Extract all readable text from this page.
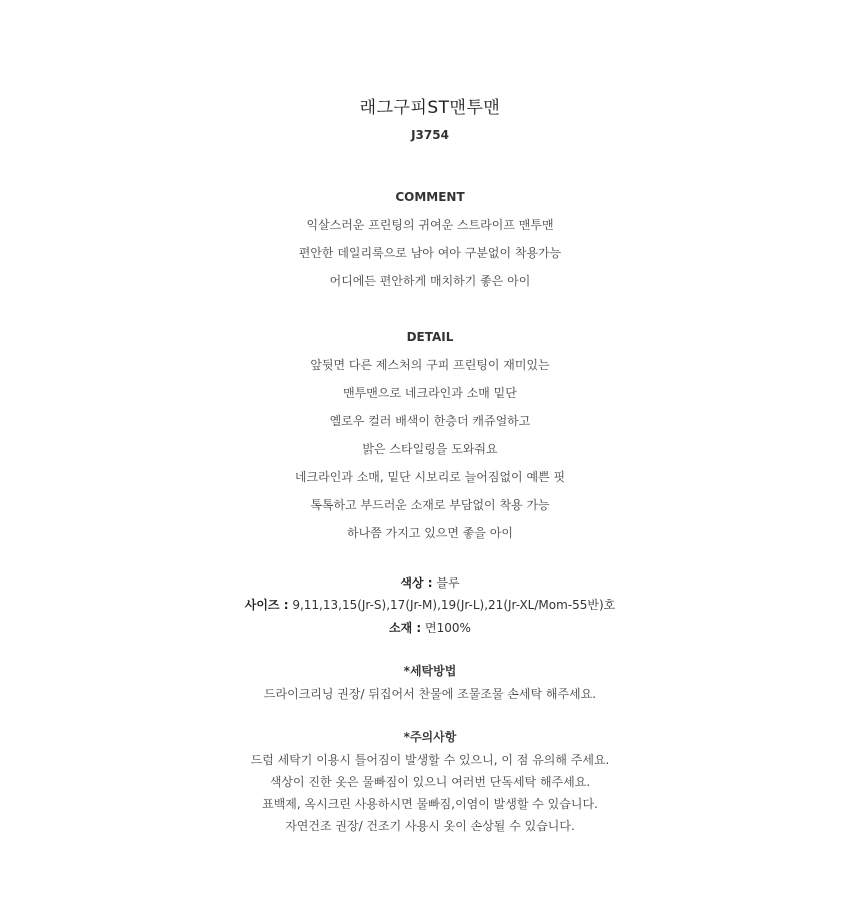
래그구피ST맨투맨
J3754
COMMENT
익살스러운 프린팅의 귀여운 스트라이프 맨투맨
편안한 데일리룩으로 남아 여아 구분없이 착용가능
어디에든 편안하게 매치하기 좋은 아이
DETAIL
앞뒷면 다른 제스처의 구피 프린팅이 재미있는
맨투맨으로 네크라인과 소매 밑단
옐로우 컬러 배색이 한층더 캐쥬얼하고
밝은 스타일링을 도와줘요
네크라인과 소매, 밑단 시보리로 늘어짐없이 예쁜 핏
톡톡하고 부드러운 소재로 부담없이 착용 가능
하나쯤 가지고 있으면 좋을 아이
색상 : 블루
사이즈 : 9,11,13,15(Jr-S),17(Jr-M),19(Jr-L),21(Jr-XL/Mom-55반)호
소재 : 면100%
*세탁방법
드라이크리닝 권장/ 뒤집어서 찬물에 조물조물 손세탁 해주세요.
*주의사항
드럼 세탁기 이용시 틀어짐이 발생할 수 있으니, 이 점 유의해 주세요.
색상이 진한 옷은 물빠짐이 있으니 여러번 단독세탁 해주세요.
표백제, 옥시크린 사용하시면 물빠짐,이염이 발생할 수 있습니다.
자연건조 권장/ 건조기 사용시 옷이 손상될 수 있습니다.
